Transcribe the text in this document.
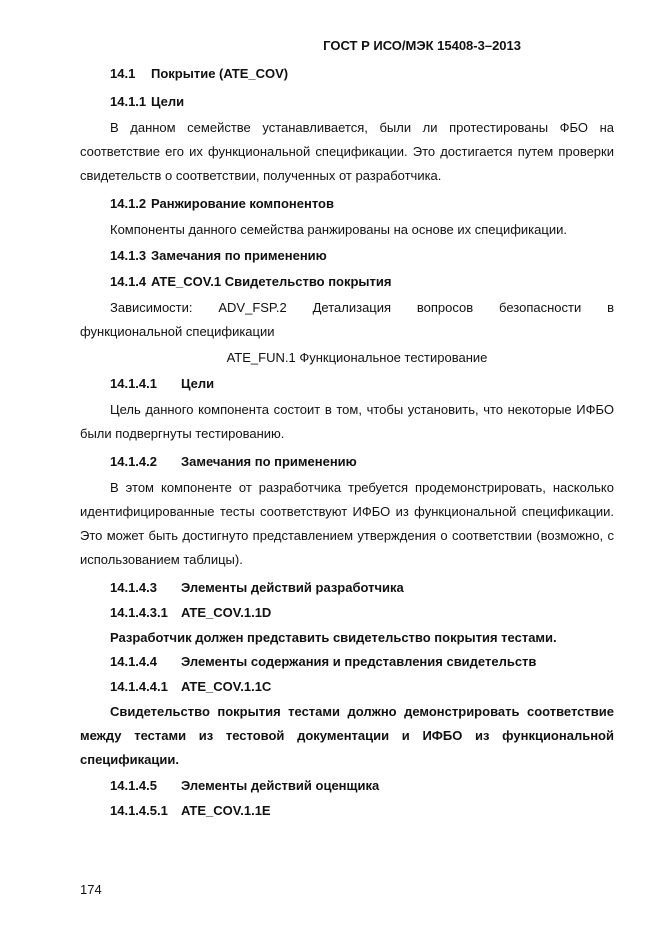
ГОСТ Р ИСО/МЭК 15408-3–2013
14.1 Покрытие (ATE_COV)
14.1.1 Цели
В данном семействе устанавливается, были ли протестированы ФБО на соответствие его их функциональной спецификации. Это достигается путем проверки свидетельств о соответствии, полученных от разработчика.
14.1.2 Ранжирование компонентов
Компоненты данного семейства ранжированы на основе их спецификации.
14.1.3 Замечания по применению
14.1.4 ATE_COV.1 Свидетельство покрытия
Зависимости: ADV_FSP.2 Детализация вопросов безопасности в
функциональной спецификации
ATE_FUN.1 Функциональное тестирование
14.1.4.1 Цели
Цель данного компонента состоит в том, чтобы установить, что некоторые ИФБО были подвергнуты тестированию.
14.1.4.2 Замечания по применению
В этом компоненте от разработчика требуется продемонстрировать, насколько идентифицированные тесты соответствуют ИФБО из функциональной спецификации. Это может быть достигнуто представлением утверждения о соответствии (возможно, с использованием таблицы).
14.1.4.3 Элементы действий разработчика
14.1.4.3.1 ATE_COV.1.1D
Разработчик должен представить свидетельство покрытия тестами.
14.1.4.4 Элементы содержания и представления свидетельств
14.1.4.4.1 ATE_COV.1.1C
Свидетельство покрытия тестами должно демонстрировать соответствие между тестами из тестовой документации и ИФБО из функциональной спецификации.
14.1.4.5 Элементы действий оценщика
14.1.4.5.1 ATE_COV.1.1E
174
